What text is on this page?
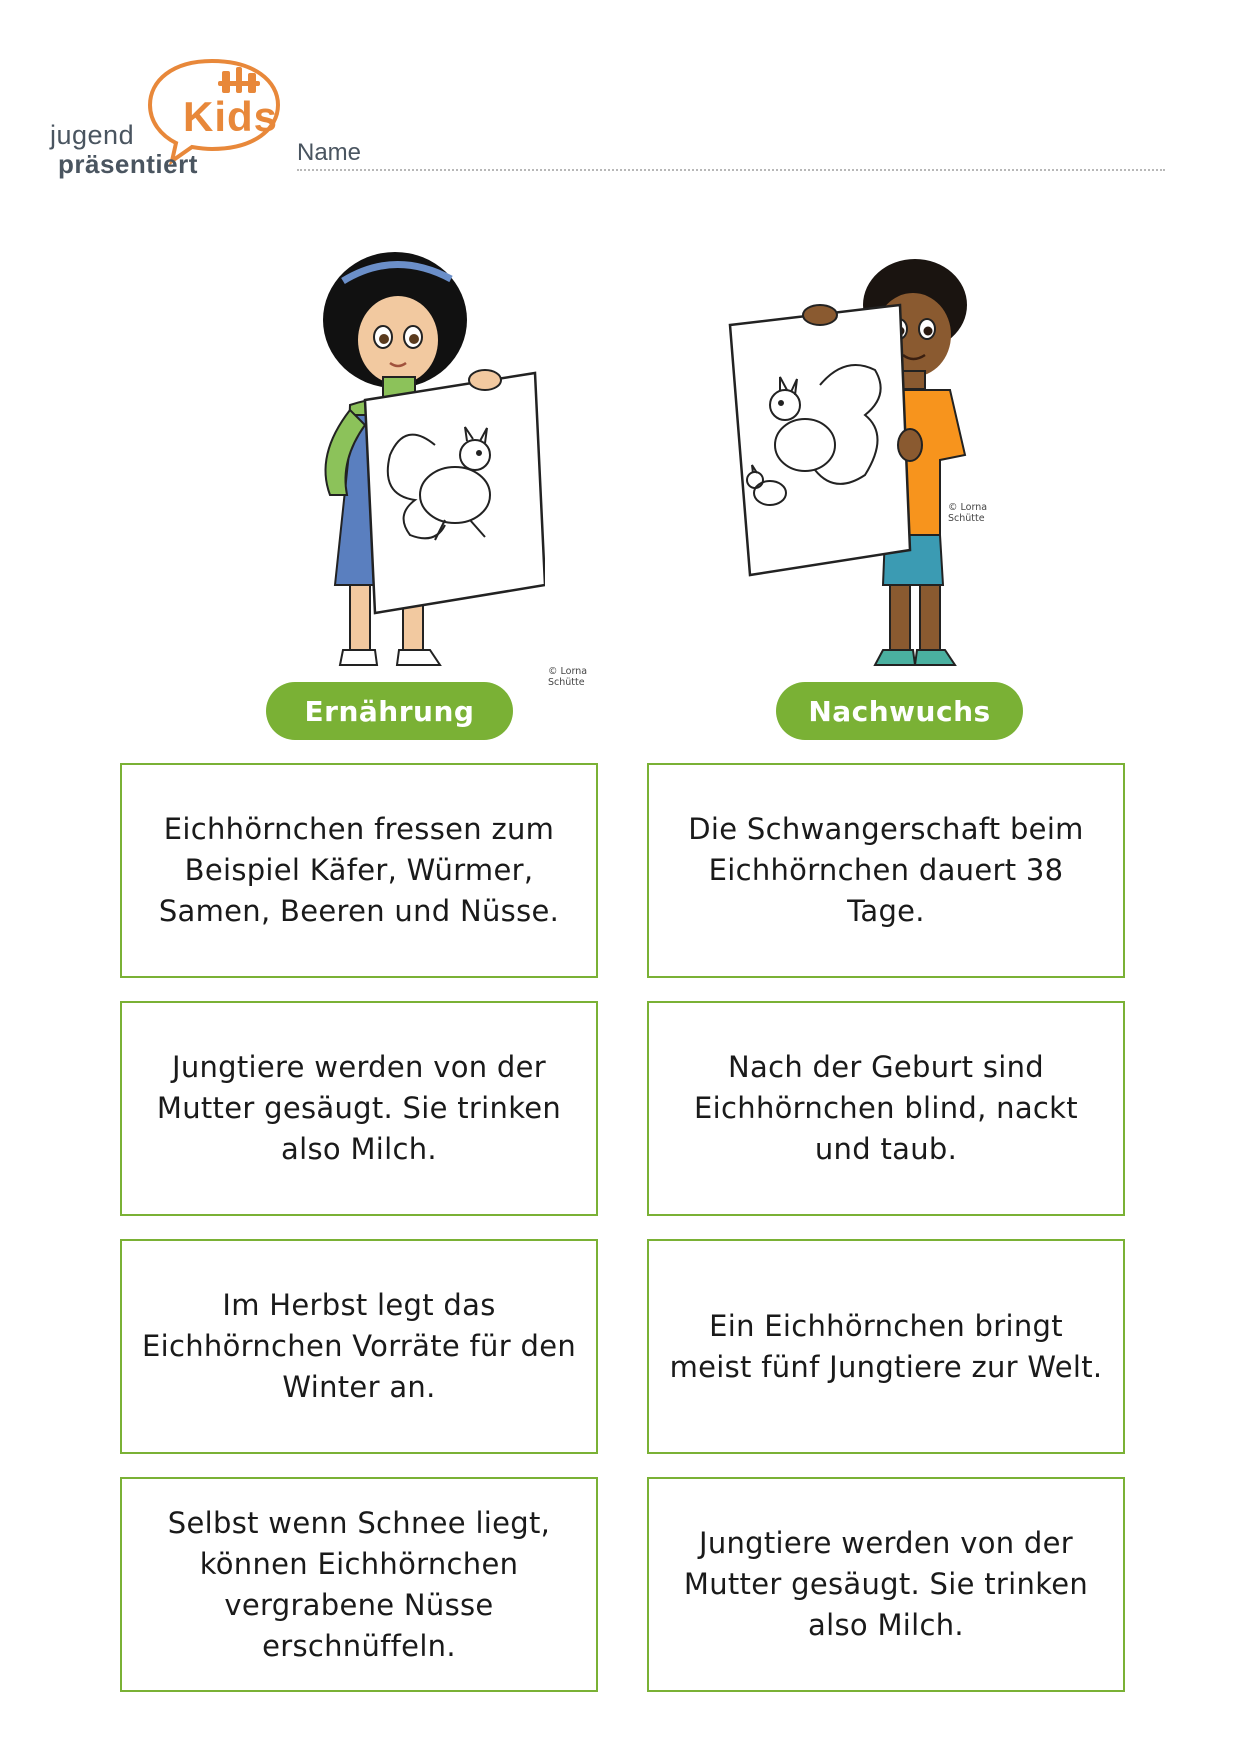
Kids
jugend
präsentiert	Name
© Lorna
Schütte
© Lorna
Schütte
Ernährung	Nachwuchs
Eichhörnchen fressen zum Beispiel Käfer, Würmer, Samen, Beeren und Nüsse.
Jungtiere werden von der Mutter gesäugt. Sie trinken also Milch.
Im Herbst legt das Eichhörnchen Vorräte für den Winter an.
Selbst wenn Schnee liegt, können Eichhörnchen vergrabene Nüsse erschnüffeln.
Die Schwangerschaft beim Eichhörnchen dauert 38 Tage.
Nach der Geburt sind Eichhörnchen blind, nackt und taub.
Ein Eichhörnchen bringt meist fünf Jungtiere zur Welt.
Jungtiere werden von der Mutter gesäugt. Sie trinken also Milch.
